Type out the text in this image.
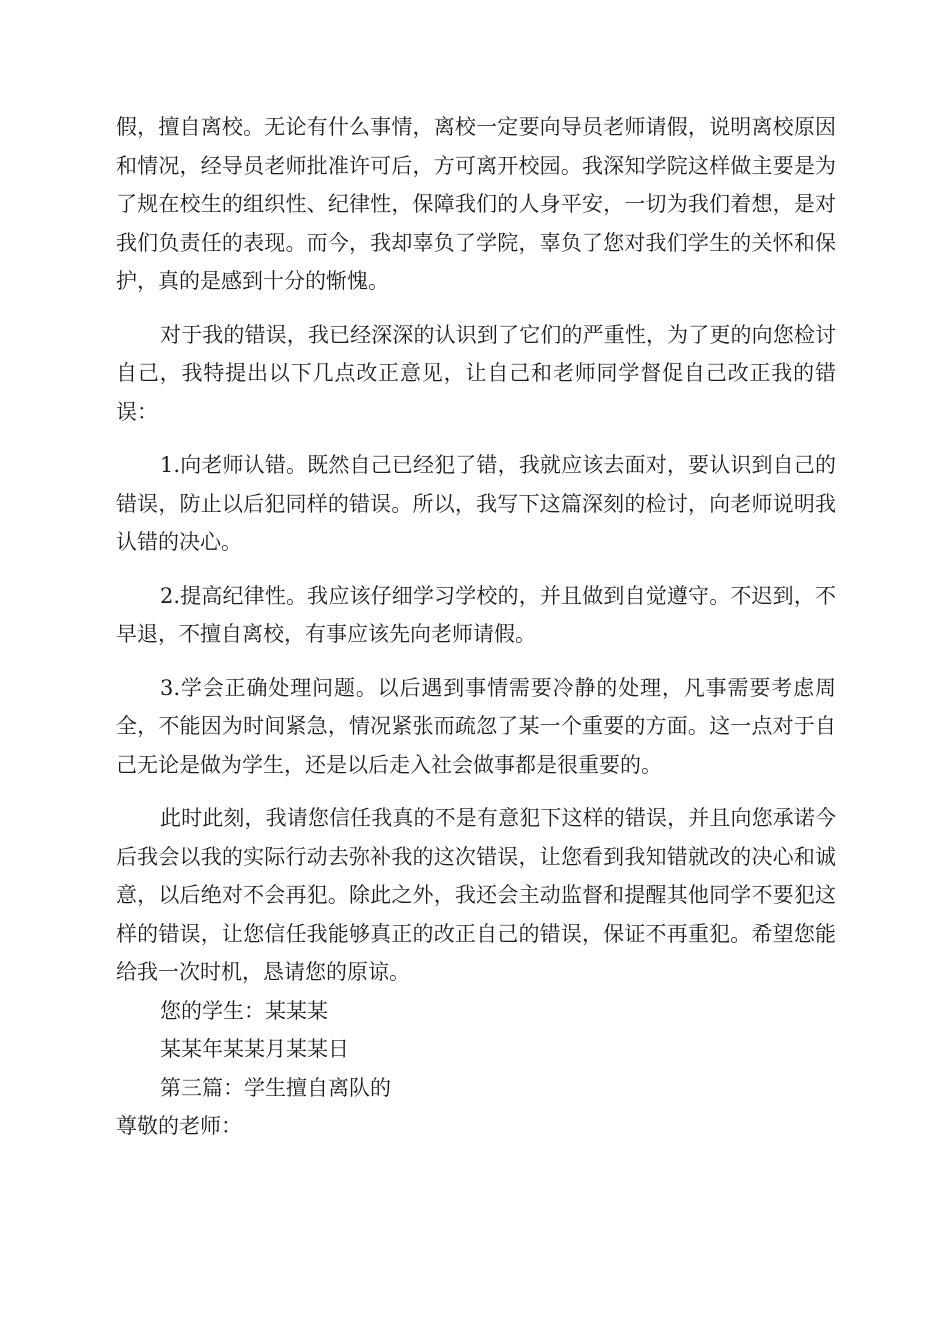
假，擅自离校。无论有什么事情，离校一定要向导员老师请假，说明离校原因和情况，经导员老师批准许可后，方可离开校园。我深知学院这样做主要是为了规在校生的组织性、纪律性，保障我们的人身平安，一切为我们着想，是对我们负责任的表现。而今，我却辜负了学院，辜负了您对我们学生的关怀和保护，真的是感到十分的惭愧。

对于我的错误，我已经深深的认识到了它们的严重性，为了更的向您检讨自己，我特提出以下几点改正意见，让自己和老师同学督促自己改正我的错误：

1.向老师认错。既然自己已经犯了错，我就应该去面对，要认识到自己的错误，防止以后犯同样的错误。所以，我写下这篇深刻的检讨，向老师说明我认错的决心。

2.提高纪律性。我应该仔细学习学校的，并且做到自觉遵守。不迟到，不早退，不擅自离校，有事应该先向老师请假。

3.学会正确处理问题。以后遇到事情需要冷静的处理，凡事需要考虑周全，不能因为时间紧急，情况紧张而疏忽了某一个重要的方面。这一点对于自己无论是做为学生，还是以后走入社会做事都是很重要的。

此时此刻，我请您信任我真的不是有意犯下这样的错误，并且向您承诺今后我会以我的实际行动去弥补我的这次错误，让您看到我知错就改的决心和诚意，以后绝对不会再犯。除此之外，我还会主动监督和提醒其他同学不要犯这样的错误，让您信任我能够真正的改正自己的错误，保证不再重犯。希望您能给我一次时机，恳请您的原谅。

您的学生：某某某

某某年某某月某某日

第三篇：学生擅自离队的

尊敬的老师：
